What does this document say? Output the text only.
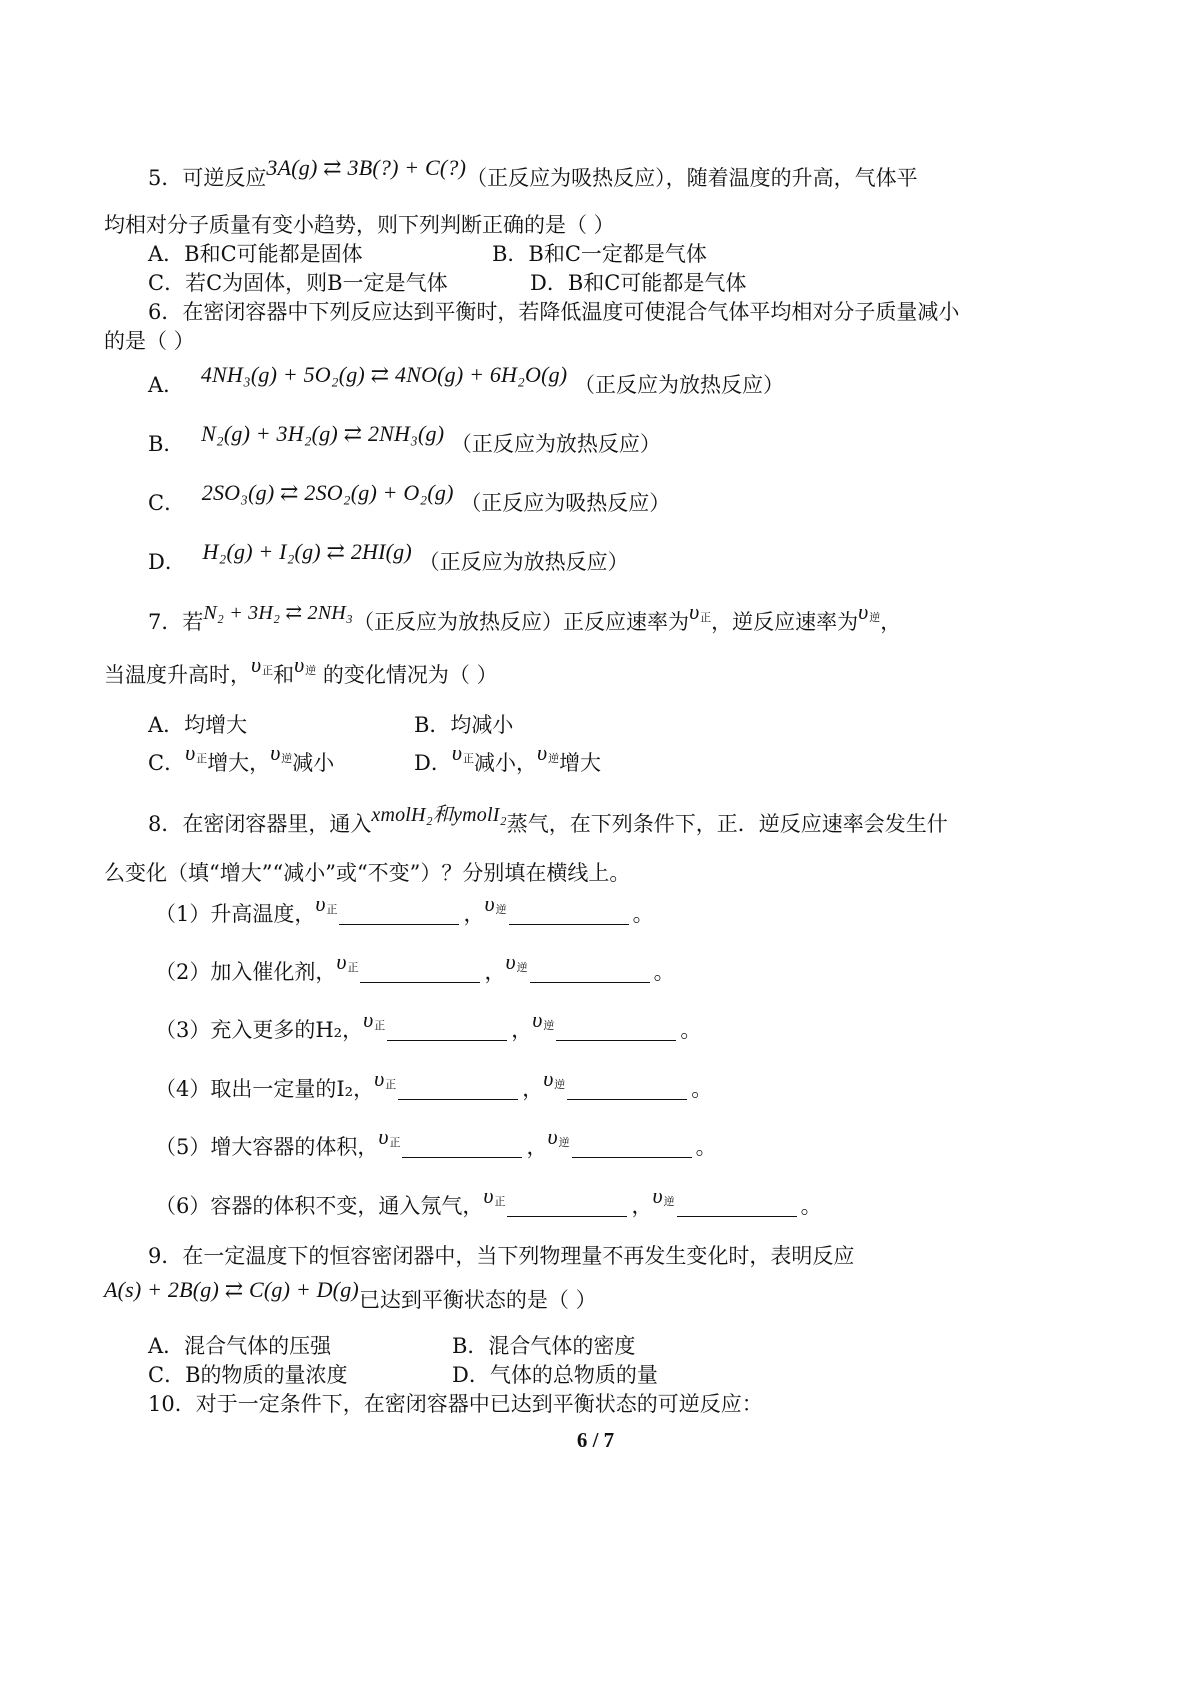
5．可逆反应3A(g) ⇄ 3B(?) + C(?)（正反应为吸热反应），随着温度的升高，气体平
均相对分子质量有变小趋势，则下列判断正确的是（ ）
A．B和C可能都是固体	B．B和C一定都是气体
C．若C为固体，则B一定是气体	D．B和C可能都是气体
6．在密闭容器中下列反应达到平衡时，若降低温度可使混合气体平均相对分子质量减小
的是（ ）
A． 4NH₃(g) + 5O₂(g) ⇄ 4NO(g) + 6H₂O(g) （正反应为放热反应）
B． N₂(g) + 3H₂(g) ⇄ 2NH₃(g) （正反应为放热反应）
C． 2SO₃(g) ⇄ 2SO₂(g) + O₂(g) （正反应为吸热反应）
D． H₂(g) + I₂(g) ⇄ 2HI(g) （正反应为放热反应）
7．若N₂ + 3H₂ ⇄ 2NH₃（正反应为放热反应）正反应速率为υ正，逆反应速率为υ逆，
当温度升高时，υ正和υ逆 的变化情况为（ ）
A．均增大	B．均减小
C．υ正增大，υ逆减小	D．υ正减小，υ逆增大
8．在密闭容器里，通入xmolH₂和ymolI₂蒸气，在下列条件下，正．逆反应速率会发生什
么变化（填“增大”“减小”或“不变”）？分别填在横线上。
（1）升高温度，υ正	，υ逆	。
（2）加入催化剂，υ正	，υ逆	。
（3）充入更多的H₂，υ正	，υ逆	。
（4）取出一定量的I₂，υ正	，υ逆	。
（5）增大容器的体积，υ正	，υ逆	。
（6）容器的体积不变，通入氖气，υ正	，υ逆	。
9．在一定温度下的恒容密闭器中，当下列物理量不再发生变化时，表明反应
A(s) + 2B(g) ⇄ C(g) + D(g)已达到平衡状态的是（ ）
A．混合气体的压强	B．混合气体的密度
C．B的物质的量浓度	D．气体的总物质的量
10．对于一定条件下，在密闭容器中已达到平衡状态的可逆反应：
6 / 7
